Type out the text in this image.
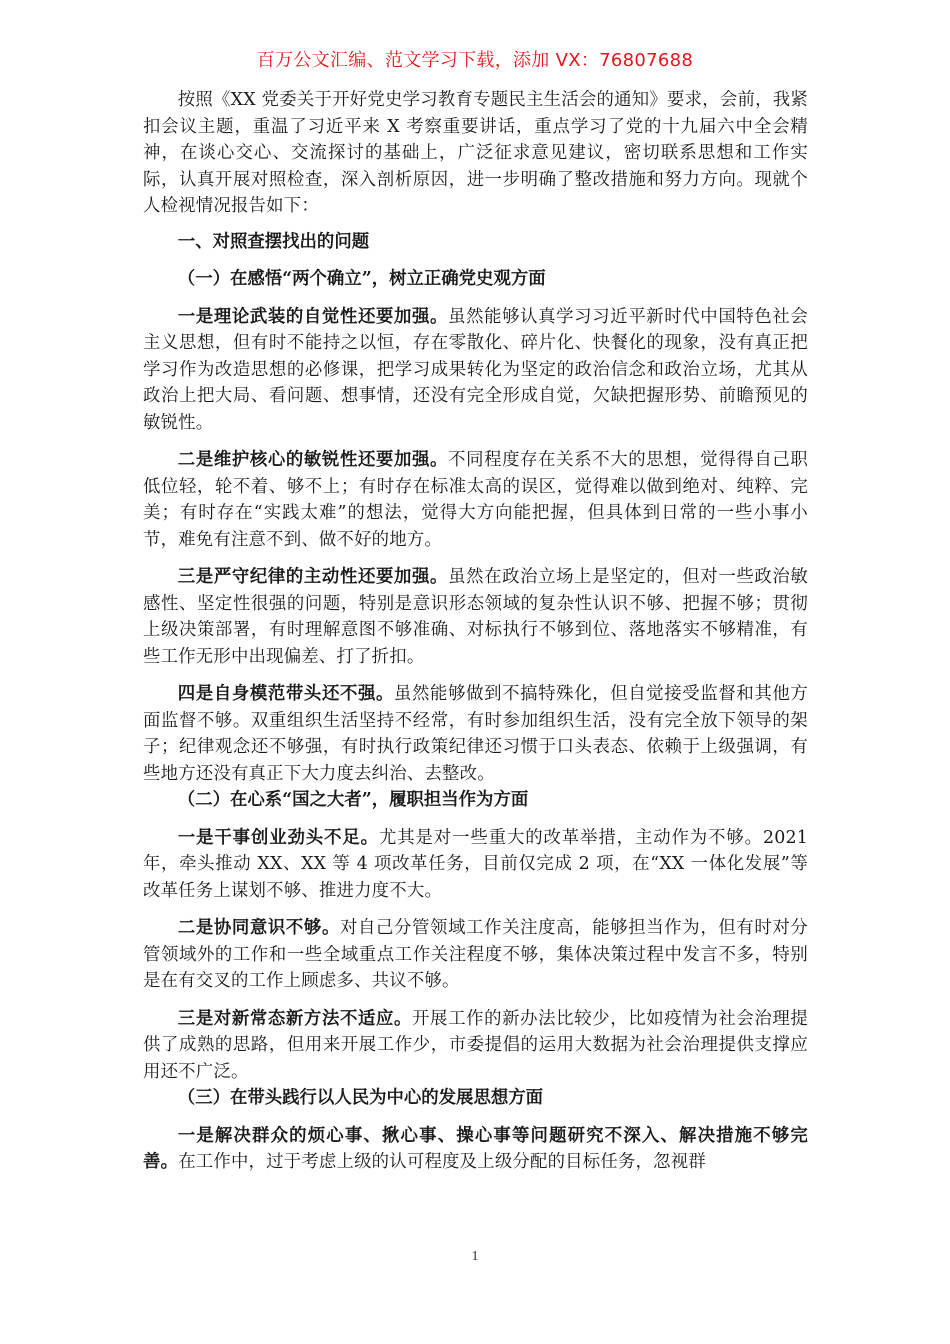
百万公文汇编、范文学习下载，添加 VX：76807688

按照《XX 党委关于开好党史学习教育专题民主生活会的通知》要求，会前，我紧扣会议主题，重温了习近平来 X 考察重要讲话，重点学习了党的十九届六中全会精神，在谈心交心、交流探讨的基础上，广泛征求意见建议，密切联系思想和工作实际，认真开展对照检查，深入剖析原因，进一步明确了整改措施和努力方向。现就个人检视情况报告如下：

一、对照查摆找出的问题

（一）在感悟“两个确立”，树立正确党史观方面

一是理论武装的自觉性还要加强。虽然能够认真学习习近平新时代中国特色社会主义思想，但有时不能持之以恒，存在零散化、碎片化、快餐化的现象，没有真正把学习作为改造思想的必修课，把学习成果转化为坚定的政治信念和政治立场，尤其从政治上把大局、看问题、想事情，还没有完全形成自觉，欠缺把握形势、前瞻预见的敏锐性。

二是维护核心的敏锐性还要加强。不同程度存在关系不大的思想，觉得得自己职低位轻，轮不着、够不上；有时存在标准太高的误区，觉得难以做到绝对、纯粹、完美；有时存在“实践太难”的想法，觉得大方向能把握，但具体到日常的一些小事小节，难免有注意不到、做不好的地方。

三是严守纪律的主动性还要加强。虽然在政治立场上是坚定的，但对一些政治敏感性、坚定性很强的问题，特别是意识形态领域的复杂性认识不够、把握不够；贯彻上级决策部署，有时理解意图不够准确、对标执行不够到位、落地落实不够精准，有些工作无形中出现偏差、打了折扣。

四是自身模范带头还不强。虽然能够做到不搞特殊化，但自觉接受监督和其他方面监督不够。双重组织生活坚持不经常，有时参加组织生活，没有完全放下领导的架子；纪律观念还不够强，有时执行政策纪律还习惯于口头表态、依赖于上级强调，有些地方还没有真正下大力度去纠治、去整改。

（二）在心系“国之大者”，履职担当作为方面

一是干事创业劲头不足。尤其是对一些重大的改革举措，主动作为不够。2021 年，牵头推动 XX、XX 等 4 项改革任务，目前仅完成 2 项，在“XX 一体化发展”等改革任务上谋划不够、推进力度不大。

二是协同意识不够。对自己分管领域工作关注度高，能够担当作为，但有时对分管领域外的工作和一些全域重点工作关注程度不够，集体决策过程中发言不多，特别是在有交叉的工作上顾虑多、共议不够。

三是对新常态新方法不适应。开展工作的新办法比较少，比如疫情为社会治理提供了成熟的思路，但用来开展工作少，市委提倡的运用大数据为社会治理提供支撑应用还不广泛。

（三）在带头践行以人民为中心的发展思想方面

一是解决群众的烦心事、揪心事、操心事等问题研究不深入、解决措施不够完善。在工作中，过于考虑上级的认可程度及上级分配的目标任务，忽视群

1
